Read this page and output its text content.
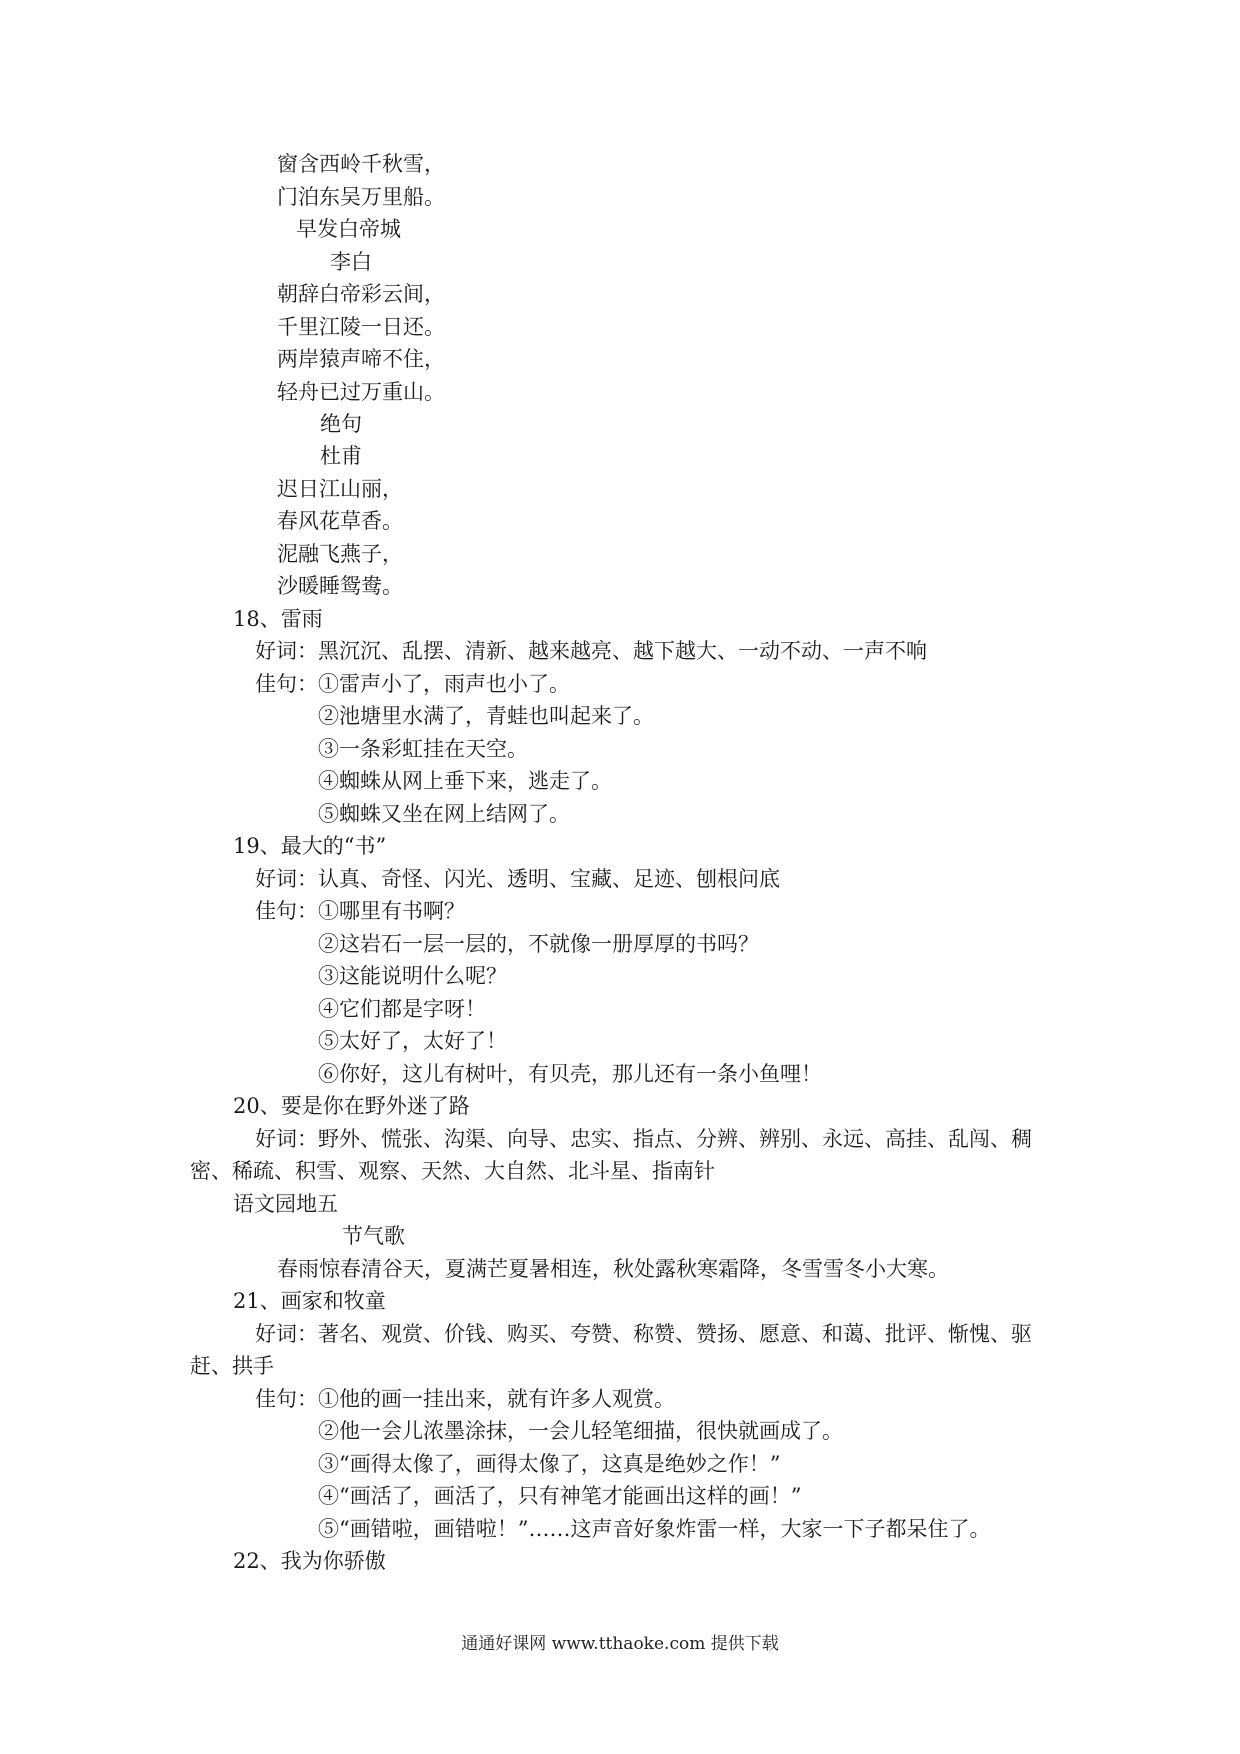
窗含西岭千秋雪，
门泊东吴万里船。
早发白帝城
李白
朝辞白帝彩云间，
千里江陵一日还。
两岸猿声啼不住，
轻舟已过万重山。
绝句
杜甫
迟日江山丽，
春风花草香。
泥融飞燕子，
沙暖睡鸳鸯。
18、雷雨
好词：黑沉沉、乱摆、清新、越来越亮、越下越大、一动不动、一声不响
佳句： ①雷声小了，雨声也小了。
②池塘里水满了，青蛙也叫起来了。
③一条彩虹挂在天空。
④蜘蛛从网上垂下来，逃走了。
⑤蜘蛛又坐在网上结网了。
19、最大的“书”
好词：认真、奇怪、闪光、透明、宝藏、足迹、刨根问底
佳句： ①哪里有书啊？
②这岩石一层一层的，不就像一册厚厚的书吗？
③这能说明什么呢？
④它们都是字呀！
⑤太好了，太好了！
⑥你好，这儿有树叶，有贝壳，那儿还有一条小鱼哩！
20、要是你在野外迷了路
好词：野外、慌张、沟渠、向导、忠实、指点、分辨、辨别、永远、高挂、乱闯、稠
密、稀疏、积雪、观察、天然、大自然、北斗星、指南针
语文园地五
节气歌
春雨惊春清谷天，夏满芒夏暑相连，秋处露秋寒霜降，冬雪雪冬小大寒。
21、画家和牧童
好词：著名、观赏、价钱、购买、夸赞、称赞、赞扬、愿意、和蔼、批评、惭愧、驱
赶、拱手
佳句： ①他的画一挂出来，就有许多人观赏。
②他一会儿浓墨涂抹，一会儿轻笔细描，很快就画成了。
③“画得太像了，画得太像了，这真是绝妙之作！”
④“画活了，画活了，只有神笔才能画出这样的画！”
⑤“画错啦，画错啦！”……这声音好象炸雷一样，大家一下子都呆住了。
22、我为你骄傲
通通好课网 www.tthaoke.com 提供下载
